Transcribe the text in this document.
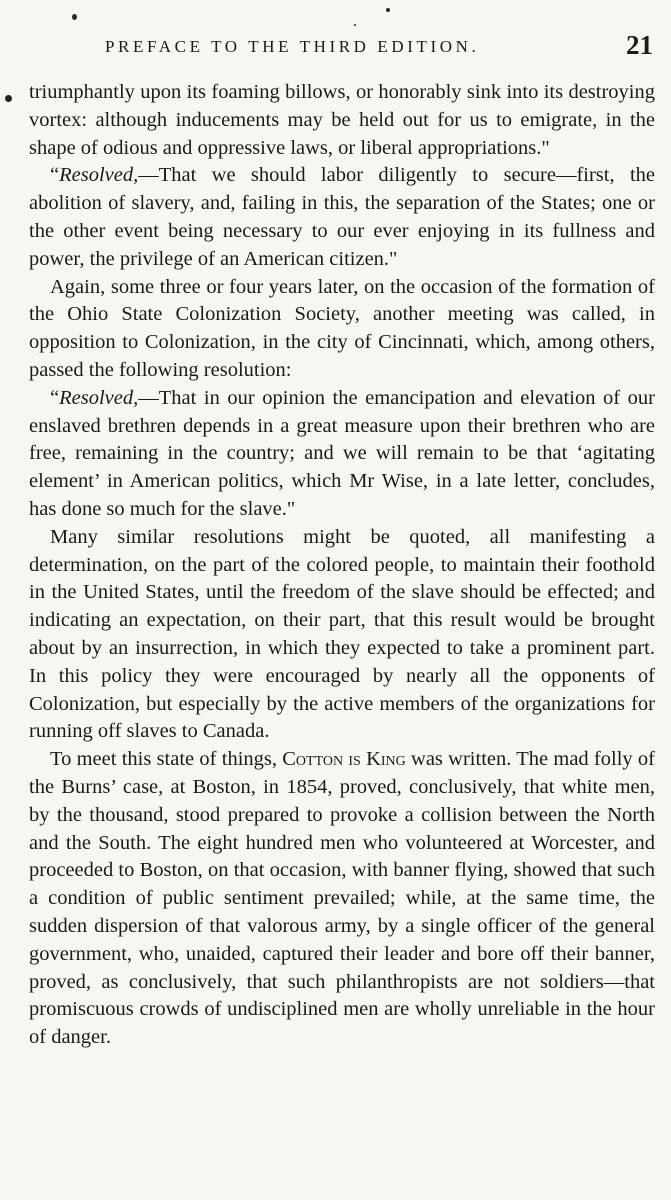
PREFACE TO THE THIRD EDITION.	21

triumphantly upon its foaming billows, or honorably sink into its destroying vortex: although inducements may be held out for us to emigrate, in the shape of odious and oppressive laws, or liberal appropriations."

“Resolved,—That we should labor diligently to secure—first, the abolition of slavery, and, failing in this, the separation of the States; one or the other event being necessary to our ever enjoying in its fullness and power, the privilege of an American citizen."

Again, some three or four years later, on the occasion of the formation of the Ohio State Colonization Society, another meeting was called, in opposition to Colonization, in the city of Cincinnati, which, among others, passed the following resolution:

“Resolved,—That in our opinion the emancipation and elevation of our enslaved brethren depends in a great measure upon their brethren who are free, remaining in the country; and we will remain to be that ‘agitating element’ in American politics, which Mr Wise, in a late letter, concludes, has done so much for the slave."

Many similar resolutions might be quoted, all manifesting a determination, on the part of the colored people, to maintain their foothold in the United States, until the freedom of the slave should be effected; and indicating an expectation, on their part, that this result would be brought about by an insurrection, in which they expected to take a prominent part. In this policy they were encouraged by nearly all the opponents of Colonization, but especially by the active members of the organizations for running off slaves to Canada.

To meet this state of things, Cotton is King was written. The mad folly of the Burns’ case, at Boston, in 1854, proved, conclusively, that white men, by the thousand, stood prepared to provoke a collision between the North and the South. The eight hundred men who volunteered at Worcester, and proceeded to Boston, on that occasion, with banner flying, showed that such a condition of public sentiment prevailed; while, at the same time, the sudden dispersion of that valorous army, by a single officer of the general government, who, unaided, captured their leader and bore off their banner, proved, as conclusively, that such philanthropists are not soldiers—that promiscuous crowds of undisciplined men are wholly unreliable in the hour of danger.
